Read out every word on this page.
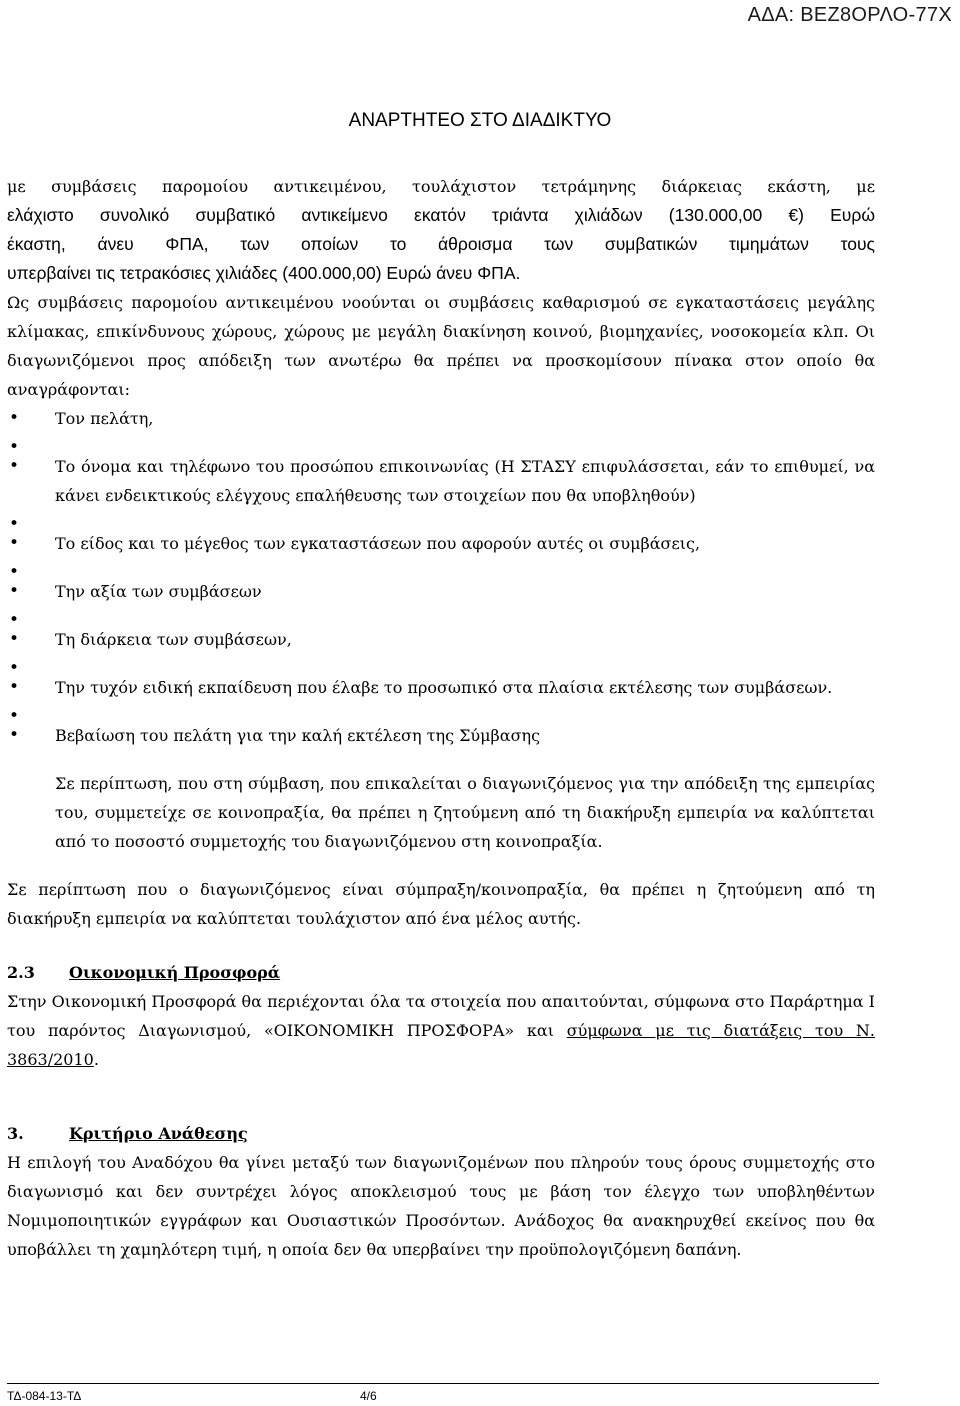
ΑΔΑ: ΒΕΖ8ΟΡΛΟ-77Χ
ΑΝΑΡΤΗΤΕΟ ΣΤΟ ΔΙΑΔΙΚΤΥΟ
με συμβάσεις παρομοίου αντικειμένου, τουλάχιστον τετράμηνης διάρκειας εκάστη, με
ελάχιστο συνολικό συμβατικό αντικείμενο εκατόν τριάντα χιλιάδων (130.000,00 €) Ευρώ
έκαστη, άνευ ΦΠΑ, των οποίων το άθροισμα των συμβατικών τιμημάτων τους
υπερβαίνει τις τετρακόσιες χιλιάδες (400.000,00) Ευρώ άνευ ΦΠΑ.

Ως συμβάσεις παρομοίου αντικειμένου νοούνται οι συμβάσεις καθαρισμού σε εγκαταστάσεις μεγάλης κλίμακας, επικίνδυνους χώρους, χώρους με μεγάλη διακίνηση κοινού, βιομηχανίες, νοσοκομεία κλπ. Οι διαγωνιζόμενοι προς απόδειξη των ανωτέρω θα πρέπει να προσκομίσουν πίνακα στον οποίο θα αναγράφονται:

• Τον πελάτη,
•
• Το όνομα και τηλέφωνο του προσώπου επικοινωνίας (Η ΣΤΑΣΥ επιφυλάσσεται, εάν το επιθυμεί, να κάνει ενδεικτικούς ελέγχους επαλήθευσης των στοιχείων που θα υποβληθούν)
•
• Το είδος και το μέγεθος των εγκαταστάσεων που αφορούν αυτές οι συμβάσεις,
•
• Την αξία των συμβάσεων
•
• Τη διάρκεια των συμβάσεων,
•
• Την τυχόν ειδική εκπαίδευση που έλαβε το προσωπικό στα πλαίσια εκτέλεσης των συμβάσεων.
•
• Βεβαίωση του πελάτη για την καλή εκτέλεση της Σύμβασης

Σε περίπτωση, που στη σύμβαση, που επικαλείται ο διαγωνιζόμενος για την απόδειξη της εμπειρίας του, συμμετείχε σε κοινοπραξία, θα πρέπει η ζητούμενη από τη διακήρυξη εμπειρία να καλύπτεται από το ποσοστό συμμετοχής του διαγωνιζόμενου στη κοινοπραξία.

Σε περίπτωση που ο διαγωνιζόμενος είναι σύμπραξη/κοινοπραξία, θα πρέπει η ζητούμενη από τη διακήρυξη εμπειρία να καλύπτεται τουλάχιστον από ένα μέλος αυτής.

2.3 Οικονομική Προσφορά

Στην Οικονομική Προσφορά θα περιέχονται όλα τα στοιχεία που απαιτούνται, σύμφωνα στο Παράρτημα Ι του παρόντος Διαγωνισμού, «ΟΙΚΟΝΟΜΙΚΗ ΠΡΟΣΦΟΡΑ» και σύμφωνα με τις διατάξεις του Ν. 3863/2010.

3.	Κριτήριο Ανάθεσης

Η επιλογή του Αναδόχου θα γίνει μεταξύ των διαγωνιζομένων που πληρούν τους όρους συμμετοχής στο διαγωνισμό και δεν συντρέχει λόγος αποκλεισμού τους με βάση τον έλεγχο των υποβληθέντων Νομιμοποιητικών εγγράφων και Ουσιαστικών Προσόντων. Ανάδοχος θα ανακηρυχθεί εκείνος που θα υποβάλλει τη χαμηλότερη τιμή, η οποία δεν θα υπερβαίνει την προϋπολογιζόμενη δαπάνη.

ΤΔ-084-13-ΤΔ	4/6
